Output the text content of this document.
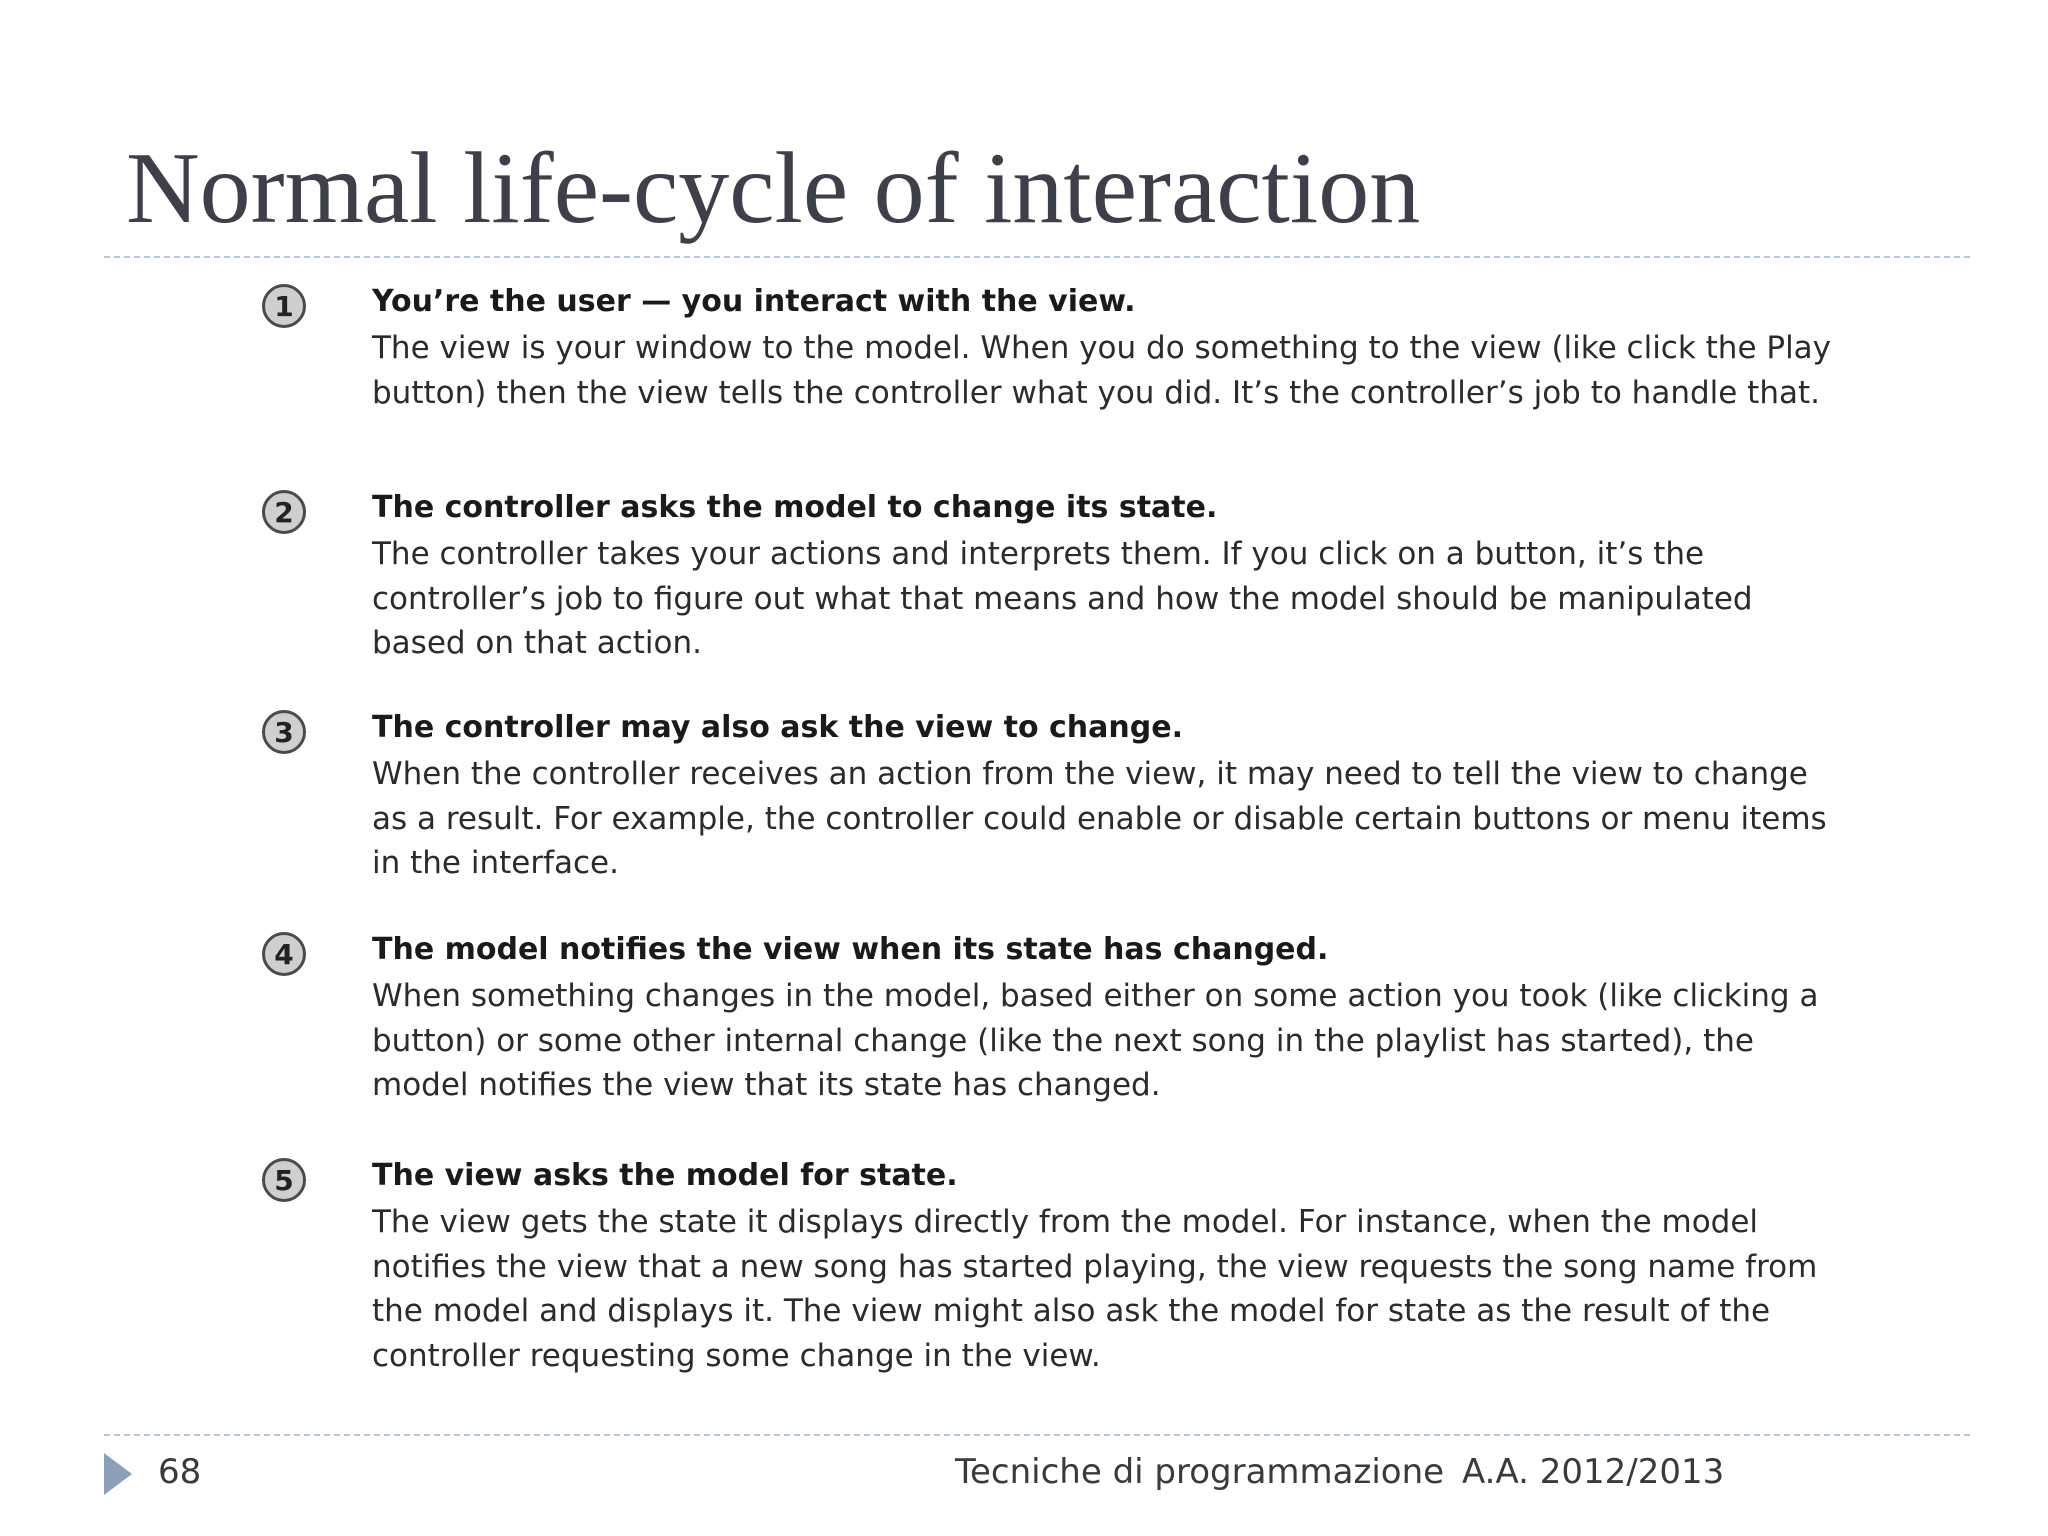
Normal life-cycle of interaction
1	You’re the user — you interact with the view.
The view is your window to the model. When you do something to the view (like click the Play button) then the view tells the controller what you did. It’s the controller’s job to handle that.
2	The controller asks the model to change its state.
The controller takes your actions and interprets them. If you click on a button, it’s the controller’s job to figure out what that means and how the model should be manipulated based on that action.
3	The controller may also ask the view to change.
When the controller receives an action from the view, it may need to tell the view to change as a result. For example, the controller could enable or disable certain buttons or menu items in the interface.
4	The model notifies the view when its state has changed.
When something changes in the model, based either on some action you took (like clicking a button) or some other internal change (like the next song in the playlist has started), the model notifies the view that its state has changed.
5	The view asks the model for state.
The view gets the state it displays directly from the model. For instance, when the model notifies the view that a new song has started playing, the view requests the song name from the model and displays it. The view might also ask the model for state as the result of the controller requesting some change in the view.
68	Tecniche di programmazione A.A. 2012/2013
